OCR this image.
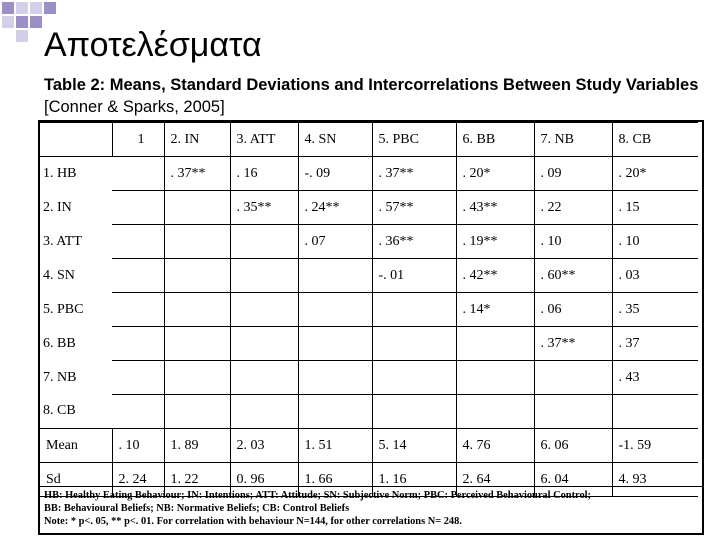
Αποτελέσματα
Table 2: Means, Standard Deviations and Intercorrelations Between Study Variables [Conner & Sparks, 2005]
	1	2. IN	3. ATT	4. SN	5. PBC	6. BB	7. NB	8. CB
1. HB		. 37**	. 16	-. 09	. 37**	. 20*	. 09	. 20*
2. IN			. 35**	. 24**	. 57**	. 43**	. 22	. 15
3. ATT				. 07	. 36**	. 19**	. 10	. 10
4. SN					-. 01	. 42**	. 60**	. 03
5. PBC						. 14*	. 06	. 35
6. BB							. 37**	. 37
7. NB								. 43
8. CB								
Mean	. 10	1. 89	2. 03	1. 51	5. 14	4. 76	6. 06	-1. 59
Sd	2. 24	1. 22	0. 96	1. 66	1. 16	2. 64	6. 04	4. 93
HB: Healthy Eating Behaviour; IN: Intentions; ATT: Attitude; SN: Subjective Norm; PBC: Perceived Behavioural Control;
BB: Behavioural Beliefs; NB: Normative Beliefs; CB: Control Beliefs
Note: * p<. 05, ** p<. 01. For correlation with behaviour N=144, for other correlations N= 248.
